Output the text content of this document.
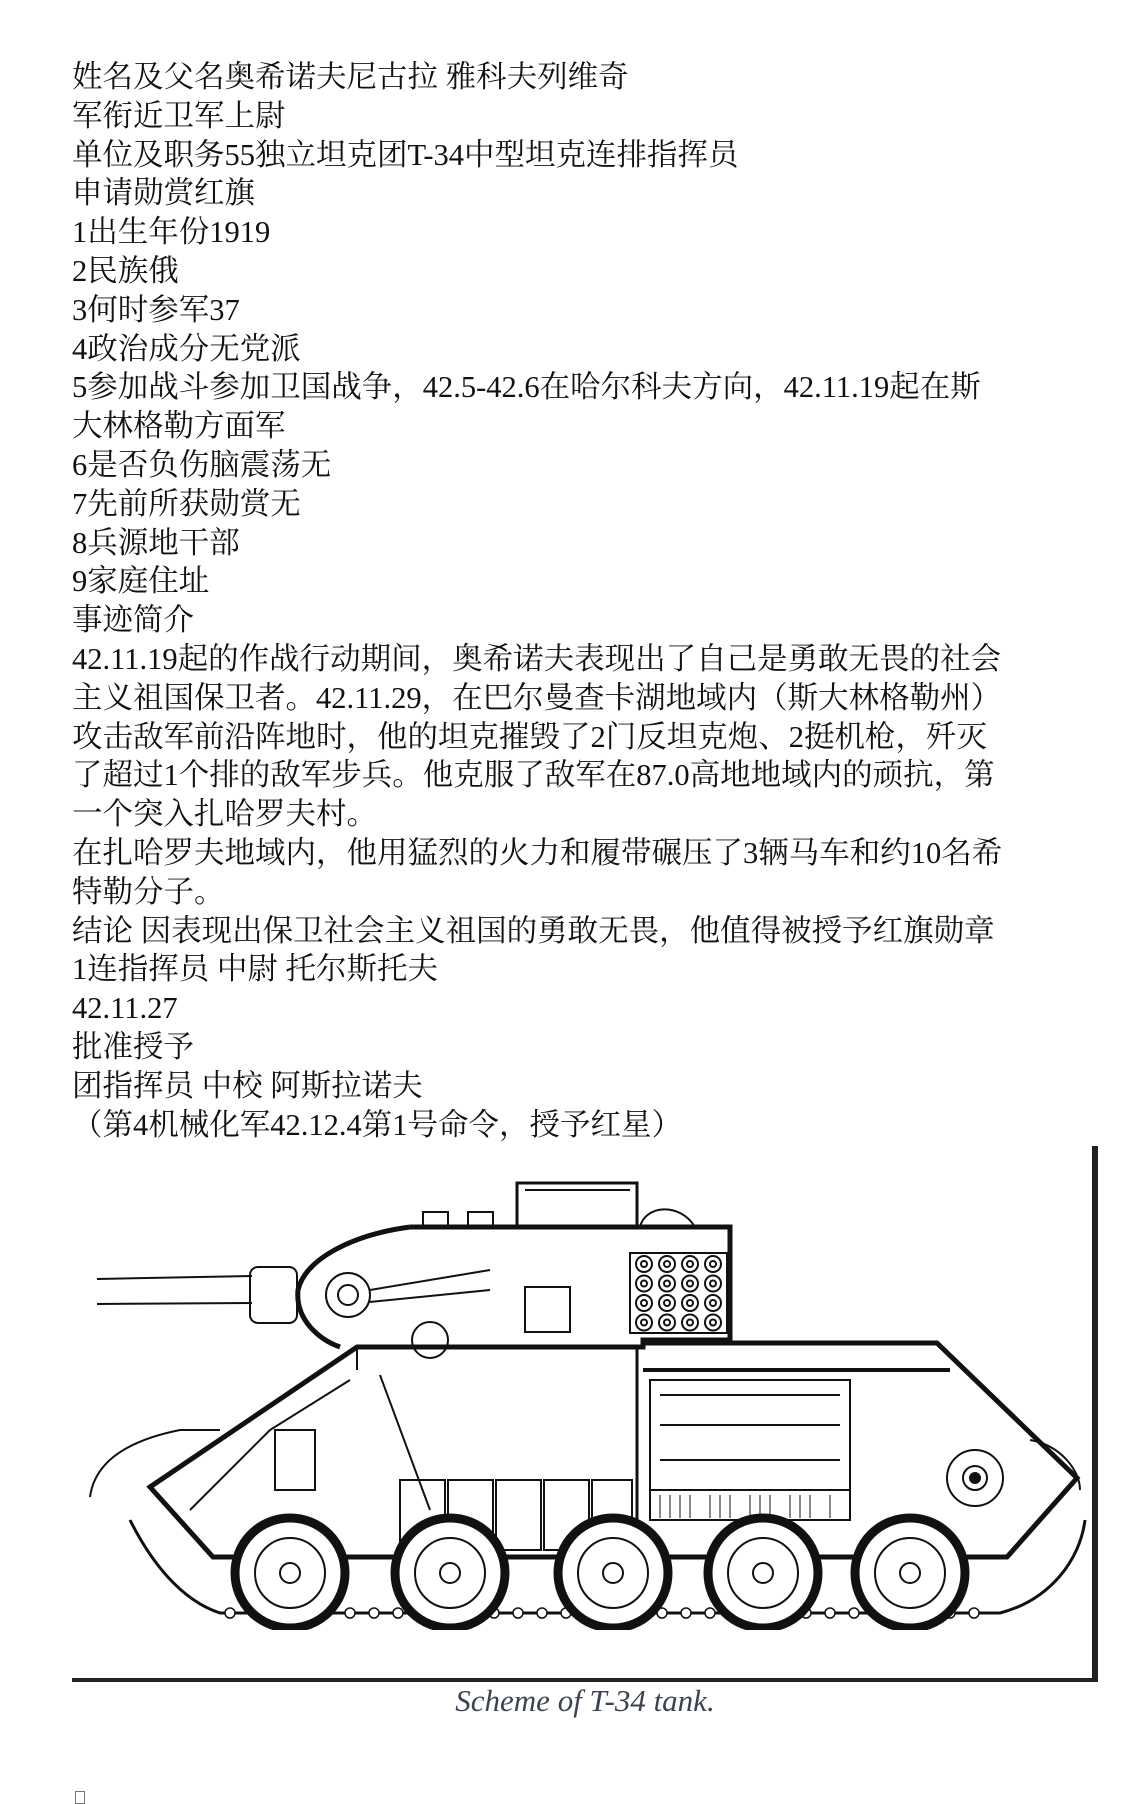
姓名及父名奥希诺夫尼古拉 雅科夫列维奇
军衔近卫军上尉
单位及职务55独立坦克团T-34中型坦克连排指挥员
申请勋赏红旗
1出生年份1919
2民族俄
3何时参军37
4政治成分无党派
5参加战斗参加卫国战争，42.5-42.6在哈尔科夫方向，42.11.19起在斯
大林格勒方面军
6是否负伤脑震荡无
7先前所获勋赏无
8兵源地干部
9家庭住址
事迹简介
42.11.19起的作战行动期间，奥希诺夫表现出了自己是勇敢无畏的社会
主义祖国保卫者。42.11.29，在巴尔曼查卡湖地域内（斯大林格勒州）
攻击敌军前沿阵地时，他的坦克摧毁了2门反坦克炮、2挺机枪，歼灭
了超过1个排的敌军步兵。他克服了敌军在87.0高地地域内的顽抗，第
一个突入扎哈罗夫村。
在扎哈罗夫地域内，他用猛烈的火力和履带碾压了3辆马车和约10名希
特勒分子。
结论 因表现出保卫社会主义祖国的勇敢无畏，他值得被授予红旗勋章
1连指挥员 中尉 托尔斯托夫
42.11.27
批准授予
团指挥员 中校 阿斯拉诺夫
（第4机械化军42.12.4第1号命令，授予红星）
Scheme of T-34 tank.
